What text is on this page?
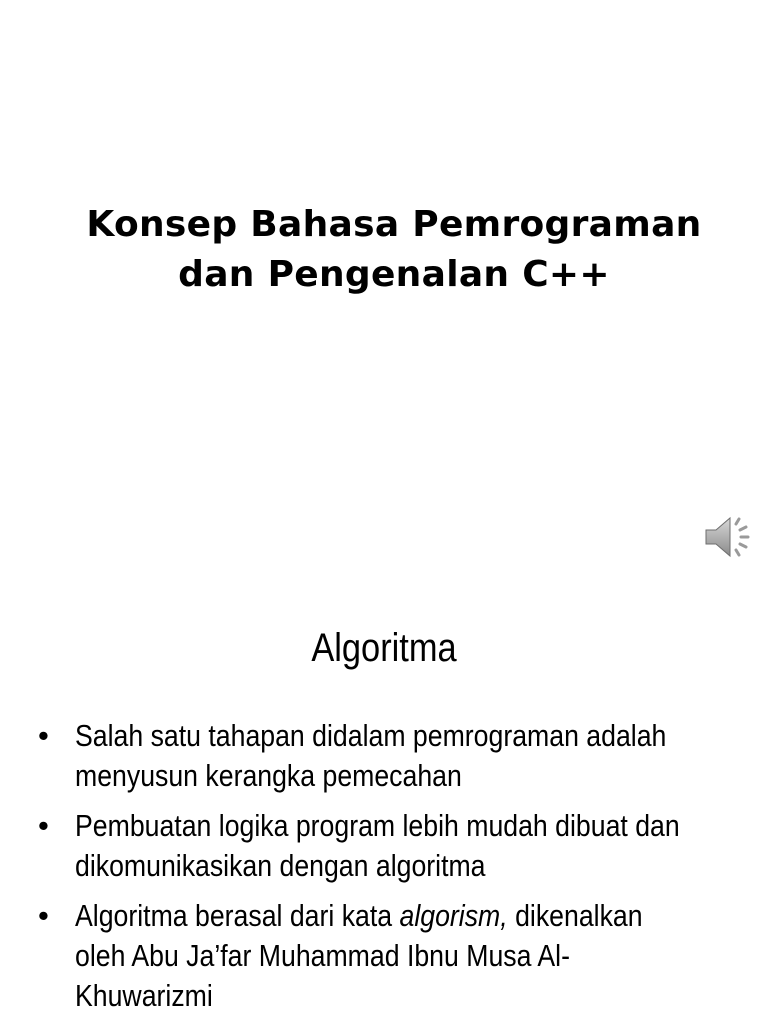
Konsep Bahasa Pemrograman
dan Pengenalan C++
Algoritma
• Salah satu tahapan didalam pemrograman adalah
menyusun kerangka pemecahan
• Pembuatan logika program lebih mudah dibuat dan
dikomunikasikan dengan algoritma
• Algoritma berasal dari kata algorism, dikenalkan
oleh Abu Ja’far Muhammad Ibnu Musa Al-
Khuwarizmi
